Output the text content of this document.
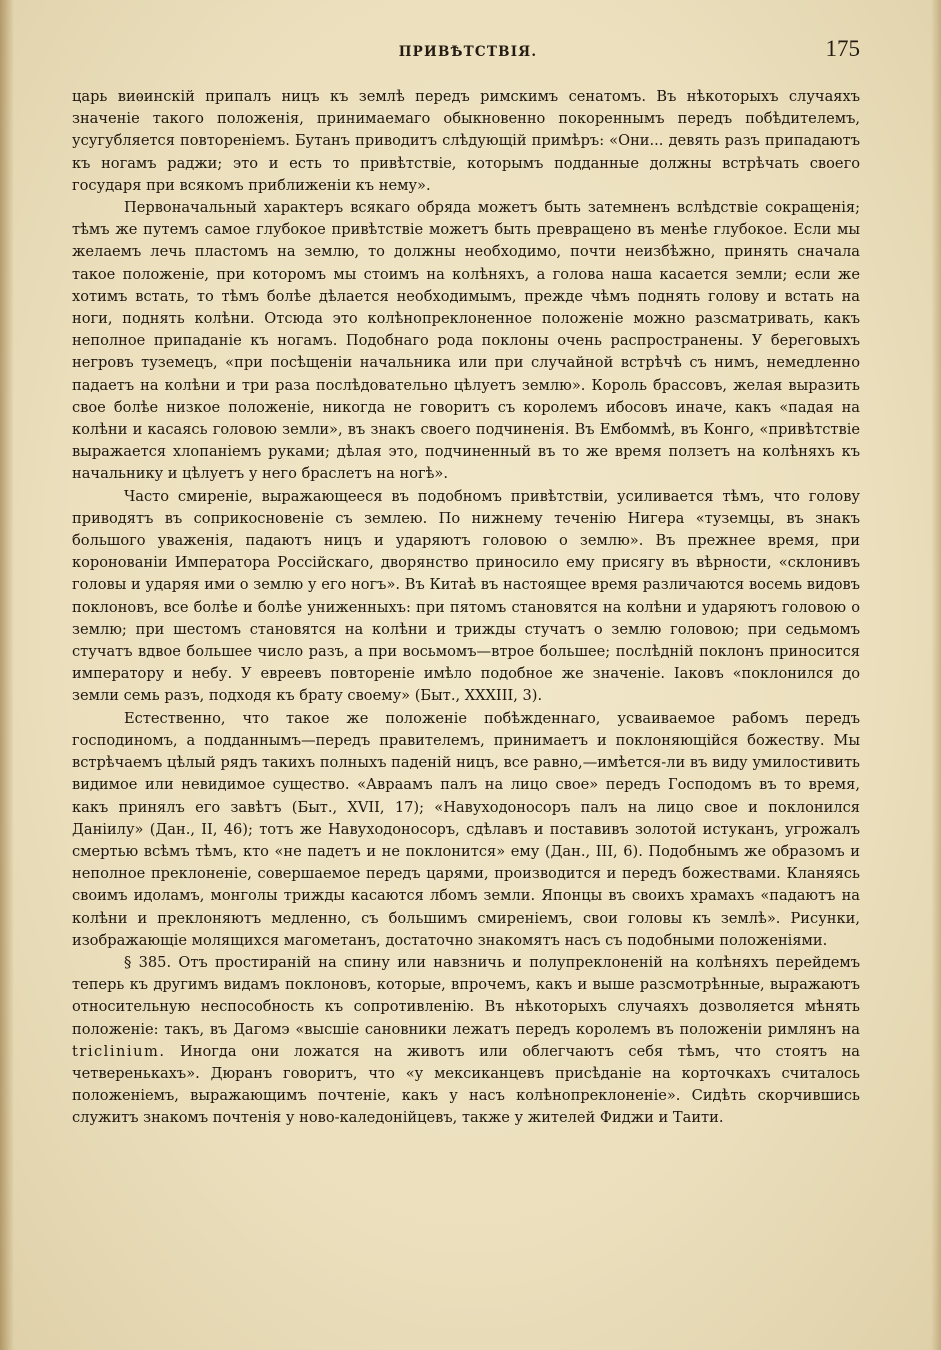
ПРИВѢТСТВІЯ.	175

царь виѳинскій припалъ ницъ къ землѣ передъ римскимъ сенатомъ. Въ нѣкоторыхъ случаяхъ значеніе такого положенія, принимаемаго обыкновенно покореннымъ передъ побѣдителемъ, усугубляется повтореніемъ. Бутанъ приводитъ слѣдующій примѣръ: «Они... девять разъ припадаютъ къ ногамъ раджи; это и есть то привѣтствіе, которымъ подданные должны встрѣчать своего государя при всякомъ приближеніи къ нему».

Первоначальный характеръ всякаго обряда можетъ быть затемненъ вслѣдствіе сокращенія; тѣмъ же путемъ самое глубокое привѣтствіе можетъ быть превращено въ менѣе глубокое. Если мы желаемъ лечь пластомъ на землю, то должны необходимо, почти неизбѣжно, принять сначала такое положеніе, при которомъ мы стоимъ на колѣняхъ, а голова наша касается земли; если же хотимъ встать, то тѣмъ болѣе дѣлается необходимымъ, прежде чѣмъ поднять голову и встать на ноги, поднять колѣни. Отсюда это колѣнопреклоненное положеніе можно разсматривать, какъ неполное припаданіе къ ногамъ. Подобнаго рода поклоны очень распространены. У береговыхъ негровъ туземецъ, «при посѣщеніи начальника или при случайной встрѣчѣ съ нимъ, немедленно падаетъ на колѣни и три раза послѣдовательно цѣлуетъ землю». Король брассовъ, желая выразить свое болѣе низкое положеніе, никогда не говоритъ съ королемъ ибосовъ иначе, какъ «падая на колѣни и касаясь головою земли», въ знакъ своего подчиненія. Въ Ембоммѣ, въ Конго, «привѣтствіе выражается хлопаніемъ руками; дѣлая это, подчиненный въ то же время ползетъ на колѣняхъ къ начальнику и цѣлуетъ у него браслетъ на ногѣ».

Часто смиреніе, выражающееся въ подобномъ привѣтствіи, усиливается тѣмъ, что голову приводятъ въ соприкосновеніе съ землею. По нижнему теченію Нигера «туземцы, въ знакъ большого уваженія, падаютъ ницъ и ударяютъ головою о землю». Въ прежнее время, при коронованіи Императора Россійскаго, дворянство приносило ему присягу въ вѣрности, «склонивъ головы и ударяя ими о землю у его ногъ». Въ Китаѣ въ настоящее время различаются восемь видовъ поклоновъ, все болѣе и болѣе униженныхъ: при пятомъ становятся на колѣни и ударяютъ головою о землю; при шестомъ становятся на колѣни и трижды стучатъ о землю головою; при седьмомъ стучатъ вдвое большее число разъ, а при восьмомъ—втрое большее; послѣдній поклонъ приносится императору и небу. У евреевъ повтореніе имѣло подобное же значеніе. Іаковъ «поклонился до земли семь разъ, подходя къ брату своему» (Быт., XXXIII, 3).

Естественно, что такое же положеніе побѣжденнаго, усваиваемое рабомъ передъ господиномъ, а подданнымъ—передъ правителемъ, принимаетъ и поклоняющійся божеству. Мы встрѣчаемъ цѣлый рядъ такихъ полныхъ паденій ницъ, все равно,—имѣется-ли въ виду умилостивить видимое или невидимое существо. «Авраамъ палъ на лицо свое» передъ Господомъ въ то время, какъ принялъ его завѣтъ (Быт., XVII, 17); «Навуходоносоръ палъ на лицо свое и поклонился Даніилу» (Дан., II, 46); тотъ же Навуходоносоръ, сдѣлавъ и поставивъ золотой истуканъ, угрожалъ смертью всѣмъ тѣмъ, кто «не падетъ и не поклонится» ему (Дан., III, 6). Подобнымъ же образомъ и неполное преклоненіе, совершаемое передъ царями, производится и передъ божествами. Кланяясь своимъ идоламъ, монголы трижды касаются лбомъ земли. Японцы въ своихъ храмахъ «падаютъ на колѣни и преклоняютъ медленно, съ большимъ смиреніемъ, свои головы къ землѣ». Рисунки, изображающіе молящихся магометанъ, достаточно знакомятъ насъ съ подобными положеніями.

§ 385. Отъ простираній на спину или навзничь и полупреклоненій на колѣняхъ перейдемъ теперь къ другимъ видамъ поклоновъ, которые, впрочемъ, какъ и выше разсмотрѣнные, выражаютъ относительную неспособность къ сопротивленію. Въ нѣкоторыхъ случаяхъ дозволяется мѣнять положеніе: такъ, въ Дагомэ «высшіе сановники лежатъ передъ королемъ въ положеніи римлянъ на triclinium. Иногда они ложатся на животъ или облегчаютъ себя тѣмъ, что стоятъ на четверенькахъ». Дюранъ говоритъ, что «у мексиканцевъ присѣданіе на корточкахъ считалось положеніемъ, выражающимъ почтеніе, какъ у насъ колѣнопреклоненіе». Сидѣть скорчившись служитъ знакомъ почтенія у ново-каледонійцевъ, также у жителей Фиджи и Таити.
